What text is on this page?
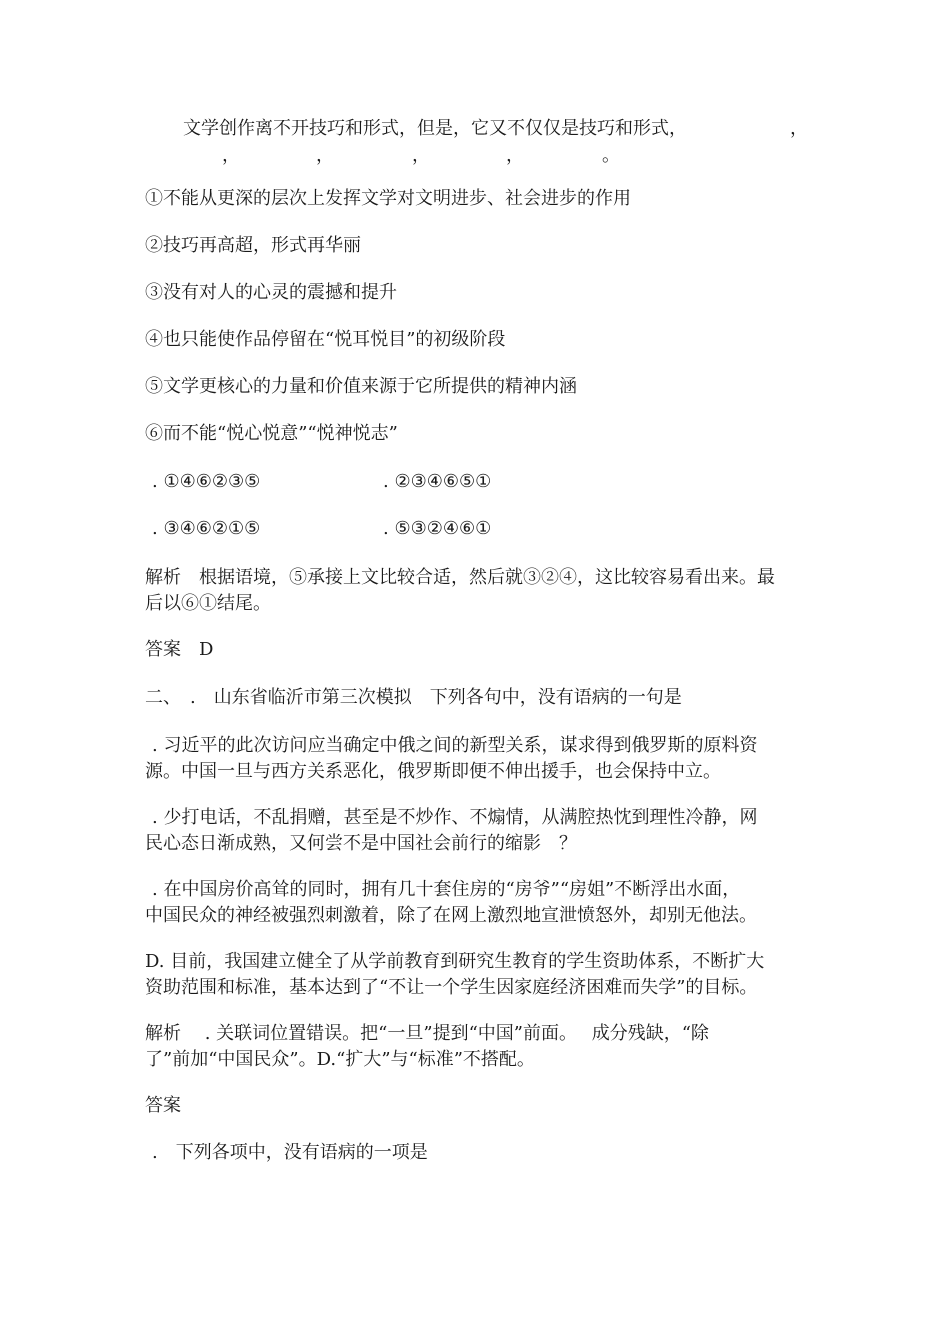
文学创作离不开技巧和形式，但是，它又不仅仅是技巧和形式，	，
，	，	，	，	。
①不能从更深的层次上发挥文学对文明进步、社会进步的作用
②技巧再高超，形式再华丽
③没有对人的心灵的震撼和提升
④也只能使作品停留在“悦耳悦目”的初级阶段
⑤文学更核心的力量和价值来源于它所提供的精神内涵
⑥而不能“悦心悦意”“悦神悦志”
. ①④⑥②③⑤	. ②③④⑥⑤①
. ③④⑥②①⑤	. ⑤③②④⑥①
解析　根据语境，⑤承接上文比较合适，然后就③②④，这比较容易看出来。最
后以⑥①结尾。
答案　D
二、　.　山东省临沂市第三次模拟　下列各句中，没有语病的一句是
. 习近平的此次访问应当确定中俄之间的新型关系，谋求得到俄罗斯的原料资
源。中国一旦与西方关系恶化，俄罗斯即便不伸出援手，也会保持中立。
. 少打电话，不乱捐赠，甚至是不炒作、不煽情，从满腔热忱到理性冷静，网
民心态日渐成熟，又何尝不是中国社会前行的缩影　？
. 在中国房价高耸的同时，拥有几十套住房的“房爷”“房姐”不断浮出水面，
中国民众的神经被强烈刺激着，除了在网上激烈地宣泄愤怒外，却别无他法。
D. 目前，我国建立健全了从学前教育到研究生教育的学生资助体系，不断扩大
资助范围和标准，基本达到了“不让一个学生因家庭经济困难而失学”的目标。
解析　 . 关联词位置错误。把“一旦”提到“中国”前面。　 成分残缺，“除
了”前加“中国民众”。D.“扩大”与“标准”不搭配。
答案
.　下列各项中，没有语病的一项是
